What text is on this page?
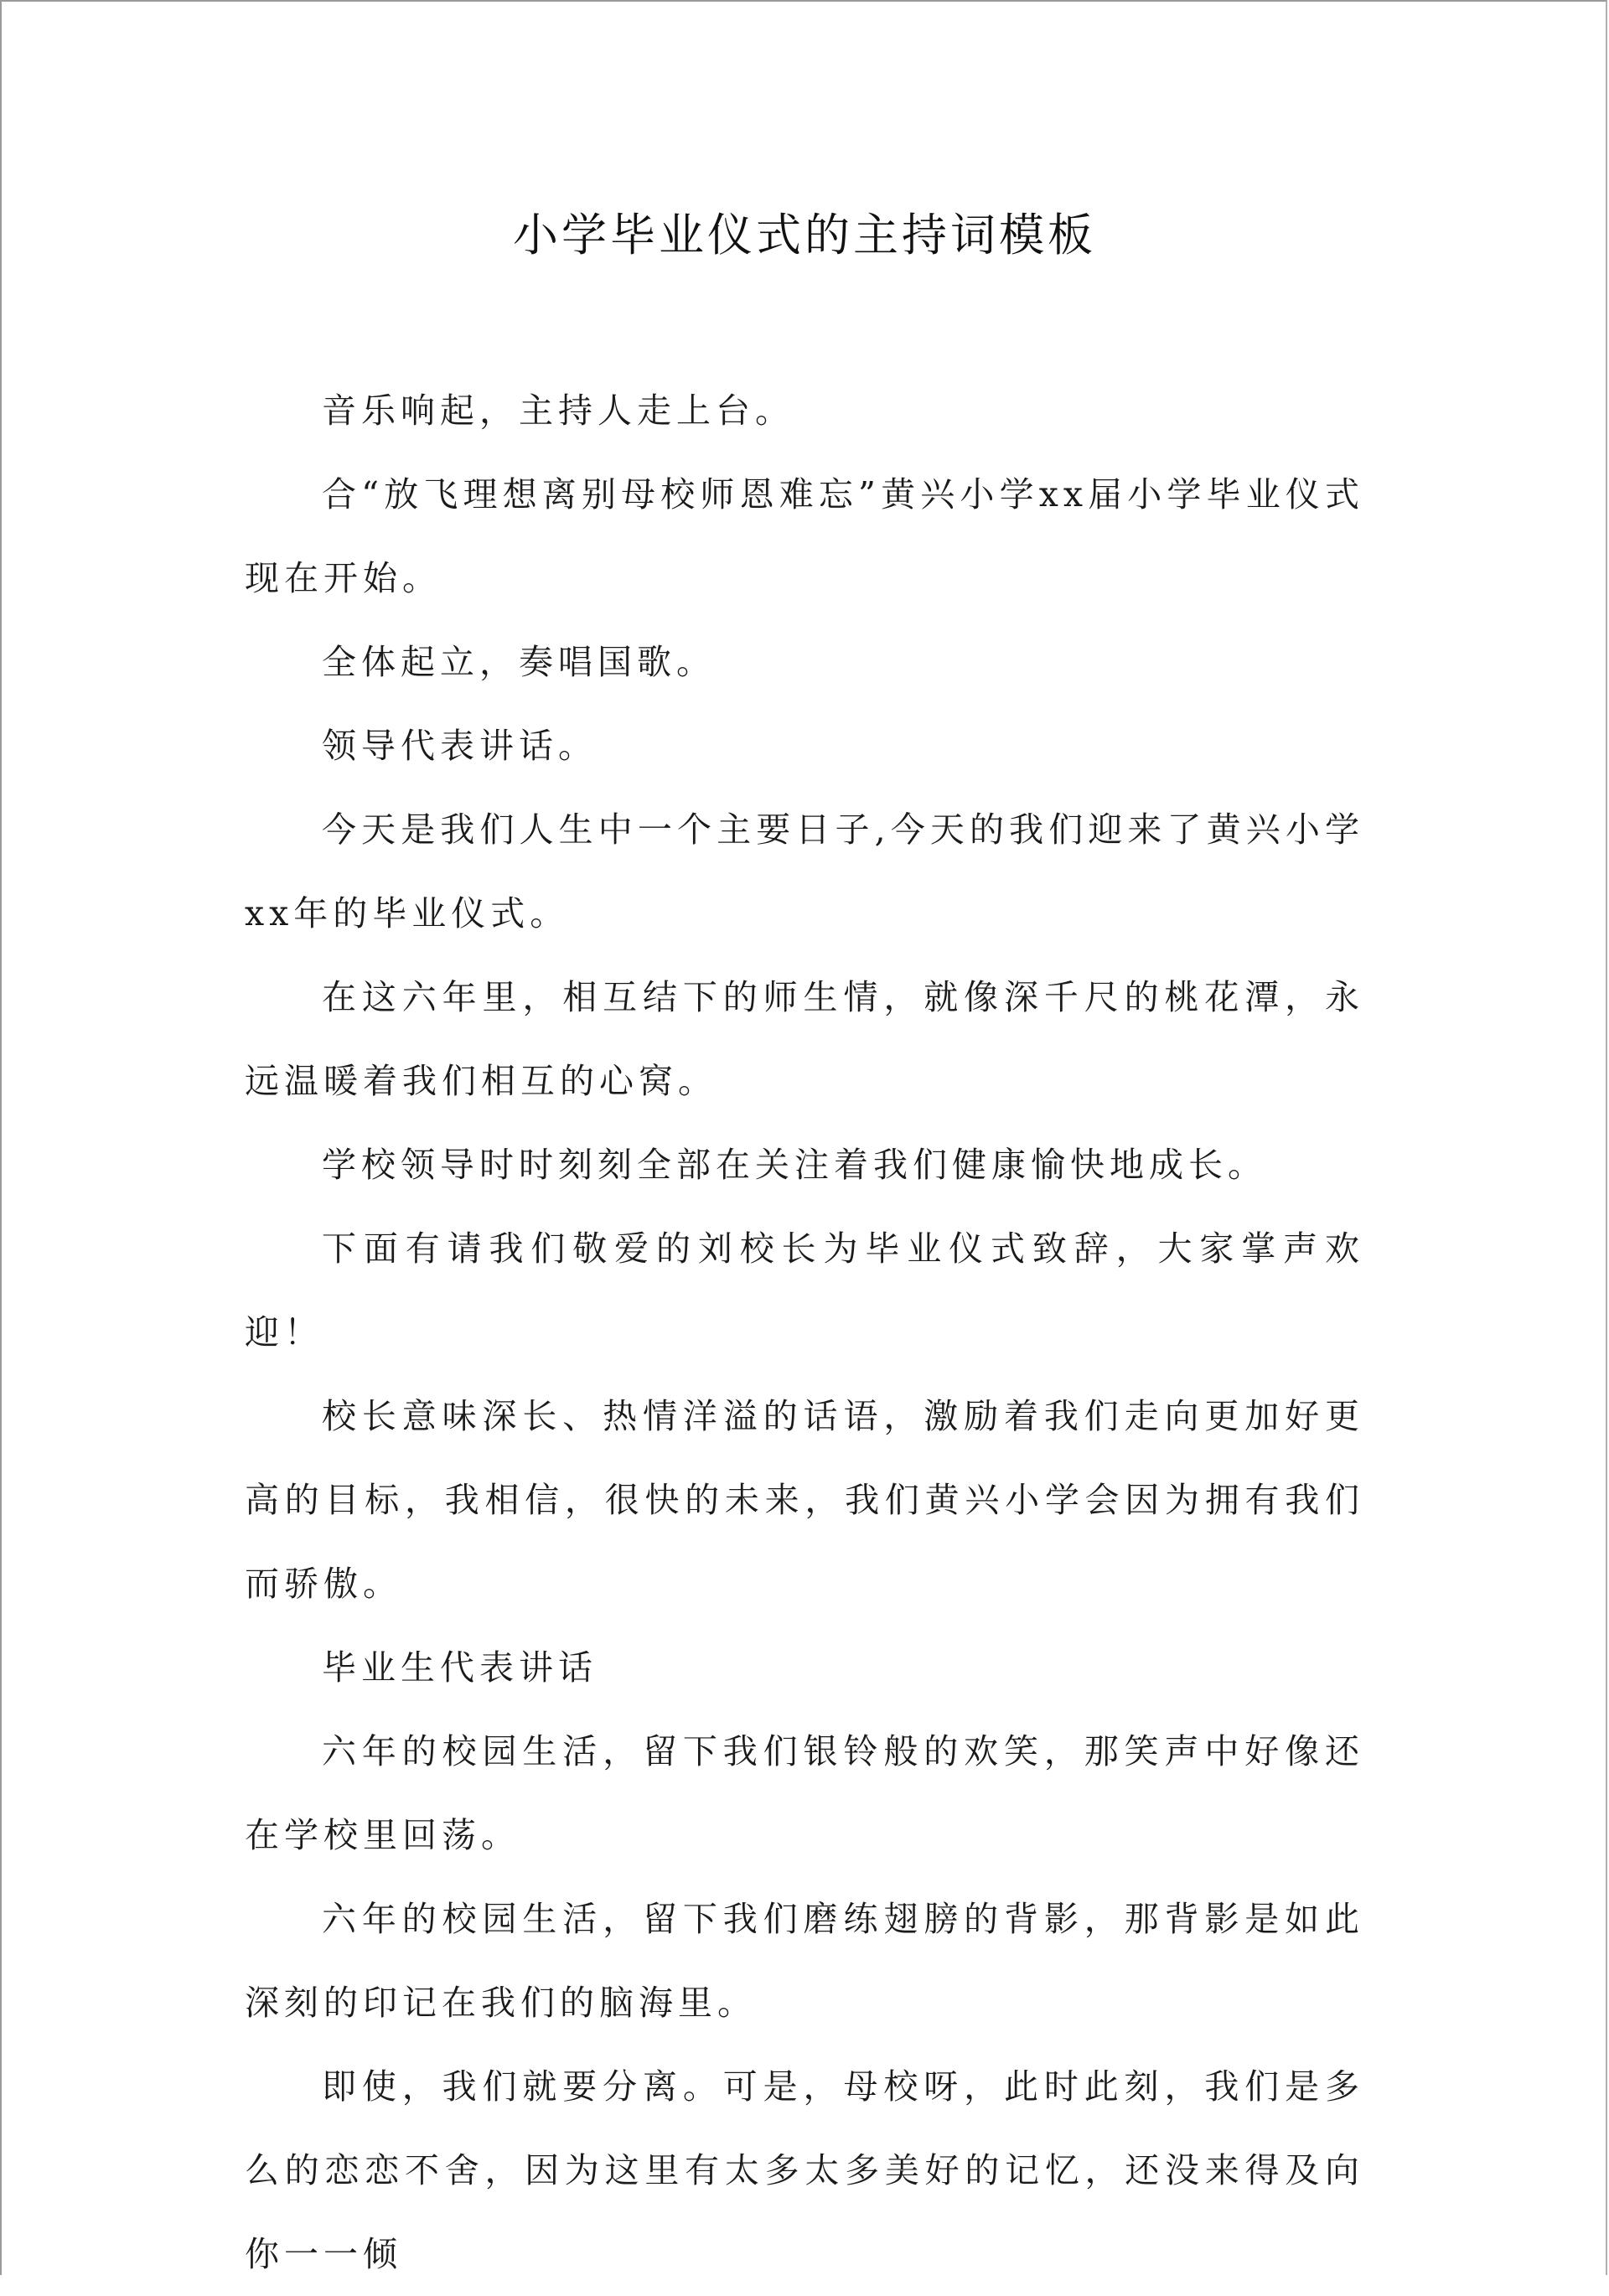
小学毕业仪式的主持词模板

音乐响起，主持人走上台。

合“放飞理想离别母校师恩难忘”黄兴小学xx届小学毕业仪式现在开始。

全体起立，奏唱国歌。

领导代表讲话。

今天是我们人生中一个主要日子,今天的我们迎来了黄兴小学xx年的毕业仪式。

在这六年里，相互结下的师生情，就像深千尺的桃花潭，永远温暖着我们相互的心窝。

学校领导时时刻刻全部在关注着我们健康愉快地成长。

下面有请我们敬爱的刘校长为毕业仪式致辞，大家掌声欢迎！

校长意味深长、热情洋溢的话语，激励着我们走向更加好更高的目标，我相信，很快的未来，我们黄兴小学会因为拥有我们而骄傲。

毕业生代表讲话

六年的校园生活，留下我们银铃般的欢笑，那笑声中好像还在学校里回荡。

六年的校园生活，留下我们磨练翅膀的背影，那背影是如此深刻的印记在我们的脑海里。

即使，我们就要分离。可是，母校呀，此时此刻，我们是多么的恋恋不舍，因为这里有太多太多美好的记忆，还没来得及向你一一倾
